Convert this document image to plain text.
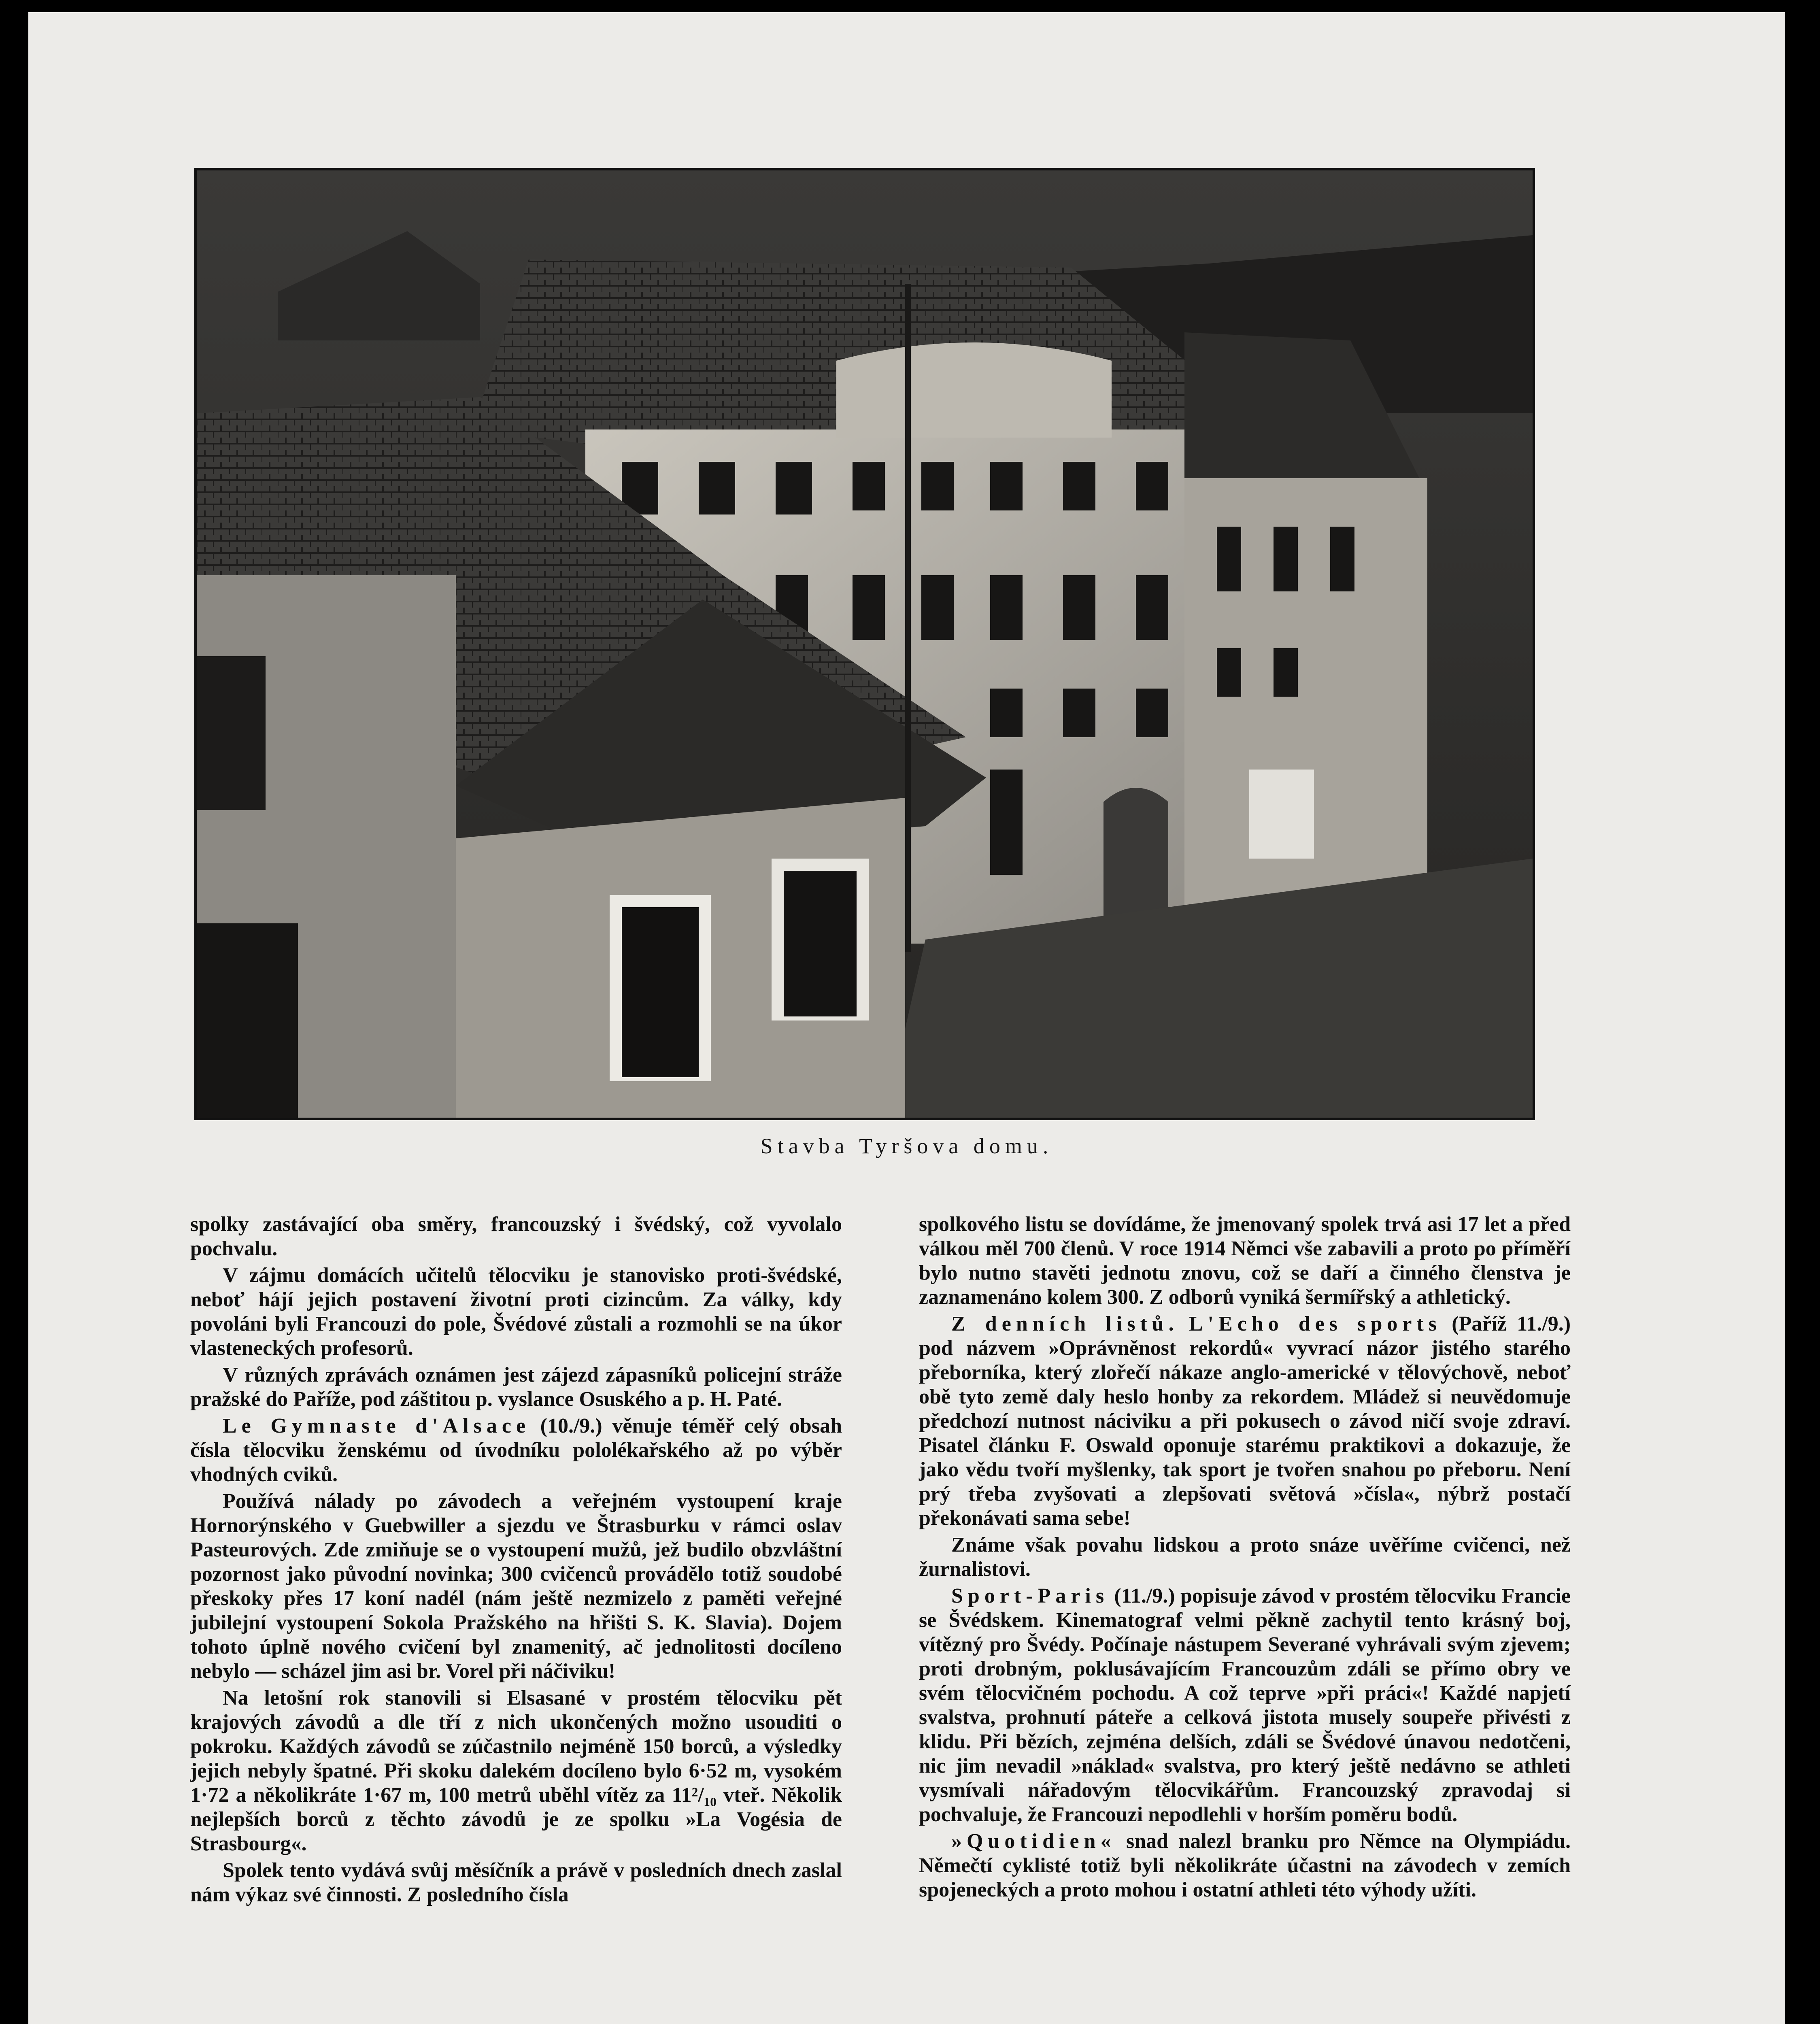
Stavba Tyršova domu.

spolky zastávající oba směry, francouzský i švédský, což vyvolalo pochvalu.

V zájmu domácích učitelů tělocviku je stanovisko proti-švédské, neboť hájí jejich postavení životní proti cizincům. Za války, kdy povoláni byli Francouzi do pole, Švédové zůstali a rozmohli se na úkor vlasteneckých profesorů.

V různých zprávách oznámen jest zájezd zápasníků policejní stráže pražské do Paříže, pod záštitou p. vyslance Osuského a p. H. Paté.

Le Gymnaste d'Alsace (10./9.) věnuje téměř celý obsah čísla tělocviku ženskému od úvodníku pololékařského až po výběr vhodných cviků.

Používá nálady po závodech a veřejném vystoupení kraje Hornorýnského v Guebwiller a sjezdu ve Štrasburku v rámci oslav Pasteurových. Zde zmiňuje se o vystoupení mužů, jež budilo obzvláštní pozornost jako původní novinka; 300 cvičenců provádělo totiž soudobé přeskoky přes 17 koní nadél (nám ještě nezmizelo z paměti veřejné jubilejní vystoupení Sokola Pražského na hřišti S. K. Slavia). Dojem tohoto úplně nového cvičení byl znamenitý, ač jednolitosti docíleno nebylo — scházel jim asi br. Vorel při náčiviku!

Na letošní rok stanovili si Elsasané v prostém tělocviku pět krajových závodů a dle tří z nich ukončených možno usouditi o pokroku. Každých závodů se zúčastnilo nejméně 150 borců, a výsledky jejich nebyly špatné. Při skoku dalekém docíleno bylo 6·52 m, vysokém 1·72 a několikráte 1·67 m, 100 metrů uběhl vítěz za 11²/₁₀ vteř. Několik nejlepších borců z těchto závodů je ze spolku »La Vogésia de Strasbourg«.

Spolek tento vydává svůj měsíčník a právě v posledních dnech zaslal nám výkaz své činnosti. Z posledního čísla

spolkového listu se dovídáme, že jmenovaný spolek trvá asi 17 let a před válkou měl 700 členů. V roce 1914 Němci vše zabavili a proto po příměří bylo nutno stavěti jednotu znovu, což se daří a činného členstva je zaznamenáno kolem 300. Z odborů vyniká šermířský a athletický.

Z denních listů. L'Echo des sports (Paříž 11./9.) pod názvem »Oprávněnost rekordů« vyvrací názor jistého starého přeborníka, který zlořečí nákaze anglo-americké v tělovýchově, neboť obě tyto země daly heslo honby za rekordem. Mládež si neuvědomuje předchozí nutnost náciviku a při pokusech o závod ničí svoje zdraví. Pisatel článku F. Oswald oponuje starému praktikovi a dokazuje, že jako vědu tvoří myšlenky, tak sport je tvořen snahou po přeboru. Není prý třeba zvyšovati a zlepšovati světová »čísla«, nýbrž postačí překonávati sama sebe!

Známe však povahu lidskou a proto snáze uvěříme cvičenci, než žurnalistovi.

Sport-Paris (11./9.) popisuje závod v prostém tělocviku Francie se Švédskem. Kinematograf velmi pěkně zachytil tento krásný boj, vítězný pro Švédy. Počínaje nástupem Severané vyhrávali svým zjevem; proti drobným, poklusávajícím Francouzům zdáli se přímo obry ve svém tělocvičném pochodu. A což teprve »při práci«! Každé napjetí svalstva, prohnutí páteře a celková jistota musely soupeře přivésti z klidu. Při bězích, zejména delších, zdáli se Švédové únavou nedotčeni, nic jim nevadil »náklad« svalstva, pro který ještě nedávno se athleti vysmívali nářadovým tělocvikářům. Francouzský zpravodaj si pochvaluje, že Francouzi nepodlehli v horším poměru bodů.

»Quotidien« snad nalezl branku pro Němce na Olympiádu. Němečtí cyklisté totiž byli několikráte účastni na závodech v zemích spojeneckých a proto mohou i ostatní athleti této výhody užíti.
